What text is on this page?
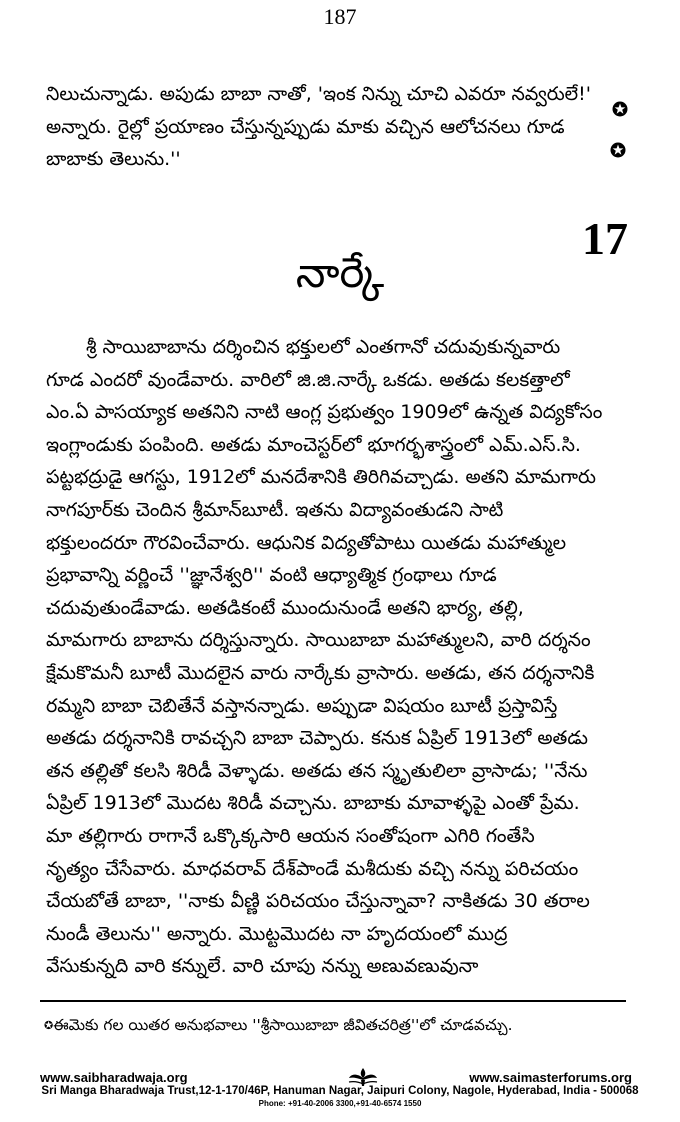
187
నిలుచున్నాడు. అపుడు బాబా నాతో, 'ఇంక నిన్ను చూచి ఎవరూ నవ్వరులే!'
అన్నారు. రైల్లో ప్రయాణం చేస్తున్నప్పుడు మాకు వచ్చిన ఆలోచనలు గూడ
బాబాకు తెలును.''
17
నార్కే
శ్రీ సాయిబాబాను దర్శించిన భక్తులలో ఎంతగానో చదువుకున్నవారు
గూడ ఎందరో వుండేవారు. వారిలో జి.జి.నార్కే ఒకడు. అతడు కలకత్తాలో
ఎం.ఏ పాసయ్యాక అతనిని నాటి ఆంగ్ల ప్రభుత్వం 1909లో ఉన్నత విద్యకోసం
ఇంగ్లాండుకు పంపింది. అతడు మాంచెస్టర్‌లో భూగర్భశాస్త్రంలో ఎమ్.ఎస్.సి.
పట్టభద్రుడై ఆగస్టు, 1912లో మనదేశానికి తిరిగివచ్చాడు. అతని మామగారు
నాగపూర్‌కు చెందిన శ్రీమాన్‌బూటీ. ఇతను విద్యావంతుడని సాటి
భక్తులందరూ గౌరవించేవారు. ఆధునిక విద్యతోపాటు యితడు మహాత్ముల
ప్రభావాన్ని వర్ణించే ''జ్ఞానేశ్వరి'' వంటి ఆధ్యాత్మిక గ్రంథాలు గూడ
చదువుతుండేవాడు. అతడికంటే ముందునుండే అతని భార్య, తల్లి,
మామగారు బాబాను దర్శిస్తున్నారు. సాయిబాబా మహాత్ములని, వారి దర్శనం
క్షేమకొమనీ బూటీ మొదలైన వారు నార్కేకు వ్రాసారు. అతడు, తన దర్శనానికి
రమ్మని బాబా చెబితేనే వస్తానన్నాడు. అప్పుడా విషయం బూటీ ప్రస్తావిస్తే
అతడు దర్శనానికి రావచ్చని బాబా చెప్పారు. కనుక ఏప్రిల్ 1913లో అతడు
తన తల్లితో కలసి శిరిడీ వెళ్ళాడు. అతడు తన స్మృతులిలా వ్రాసాడు; ''నేను
ఏప్రిల్ 1913లో మొదట శిరిడీ వచ్చాను. బాబాకు మావాళ్ళపై ఎంతో ప్రేమ.
మా తల్లిగారు రాగానే ఒక్కొక్కసారి ఆయన సంతోషంగా ఎగిరి గంతేసి
నృత్యం చేసేవారు. మాధవరావ్ దేశ్‌పాండే మశీదుకు వచ్చి నన్ను పరిచయం
చేయబోతే బాబా, ''నాకు వీణ్ణి పరిచయం చేస్తున్నావా? నాకితడు 30 తరాల
నుండీ తెలును'' అన్నారు. మొట్టమొదట నా హృదయంలో ముద్ర
వేసుకున్నది వారి కన్నులే. వారి చూపు నన్ను అణువణువునా
✪ఈమెకు గల యితర అనుభవాలు ''శ్రీసాయిబాబా జీవితచరిత్ర''లో చూడవచ్చు.
www.saibharadwaja.org	www.saimasterforums.org
Sri Manga Bharadwaja Trust,12-1-170/46P, Hanuman Nagar, Jaipuri Colony, Nagole, Hyderabad, India - 500068
Phone: +91-40-2006 3300,+91-40-6574 1550
